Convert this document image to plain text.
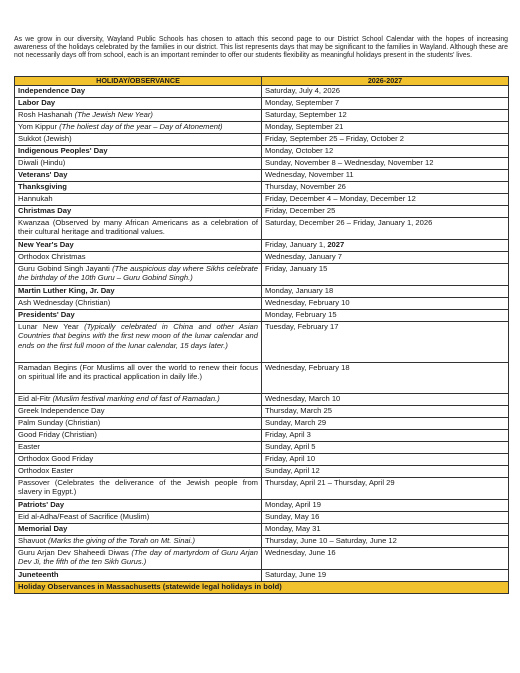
As we grow in our diversity, Wayland Public Schools has chosen to attach this second page to our District School Calendar with the hopes of increasing awareness of the holidays celebrated by the families in our district. This list represents days that may be significant to the families in Wayland. Although these are not necessarily days off from school, each is an important reminder to offer our students flexibility as meaningful holidays present in the students' lives.
HOLIDAY/OBSERVANCE	2026-2027
Independence Day	Saturday, July 4, 2026
Labor Day	Monday, September 7
Rosh Hashanah (The Jewish New Year)	Saturday, September 12
Yom Kippur (The holiest day of the year – Day of Atonement)	Monday, September 21
Sukkot (Jewish)	Friday, September 25 – Friday, October 2
Indigenous Peoples' Day	Monday, October 12
Diwali (Hindu)	Sunday, November 8 – Wednesday, November 12
Veterans' Day	Wednesday, November 11
Thanksgiving	Thursday, November 26
Hannukah	Friday, December 4 – Monday, December 12
Christmas Day	Friday, December 25
Kwanzaa (Observed by many African Americans as a celebration of their cultural heritage and traditional values.	Saturday, December 26 – Friday, January 1, 2026
New Year's Day	Friday, January 1, 2027
Orthodox Christmas	Wednesday, January 7
Guru Gobind Singh Jayanti (The auspicious day where Sikhs celebrate the birthday of the 10th Guru – Guru Gobind Singh.)	Friday, January 15
Martin Luther King, Jr. Day	Monday, January 18
Ash Wednesday (Christian)	Wednesday, February 10
Presidents' Day	Monday, February 15
Lunar New Year (Typically celebrated in China and other Asian Countries that begins with the first new moon of the lunar calendar and ends on the first full moon of the lunar calendar, 15 days later.)	Tuesday, February 17
Ramadan Begins (For Muslims all over the world to renew their focus on spiritual life and its practical application in daily life.)	Wednesday, February 18
Eid al-Fitr (Muslim festival marking end of fast of Ramadan.)	Wednesday, March 10
Greek Independence Day	Thursday, March 25
Palm Sunday (Christian)	Sunday, March 29
Good Friday (Christian)	Friday, April 3
Easter	Sunday, April 5
Orthodox Good Friday	Friday, April 10
Orthodox Easter	Sunday, April 12
Passover (Celebrates the deliverance of the Jewish people from slavery in Egypt.)	Thursday, April 21 – Thursday, April 29
Patriots' Day	Monday, April 19
Eid al-Adha/Feast of Sacrifice (Muslim)	Sunday, May 16
Memorial Day	Monday, May 31
Shavuot (Marks the giving of the Torah on Mt. Sinai.)	Thursday, June 10 – Saturday, June 12
Guru Arjan Dev Shaheedi Diwas (The day of martyrdom of Guru Arjan Dev Ji, the fifth of the ten Sikh Gurus.)	Wednesday, June 16
Juneteenth	Saturday, June 19
Holiday Observances in Massachusetts (statewide legal holidays in bold)	
